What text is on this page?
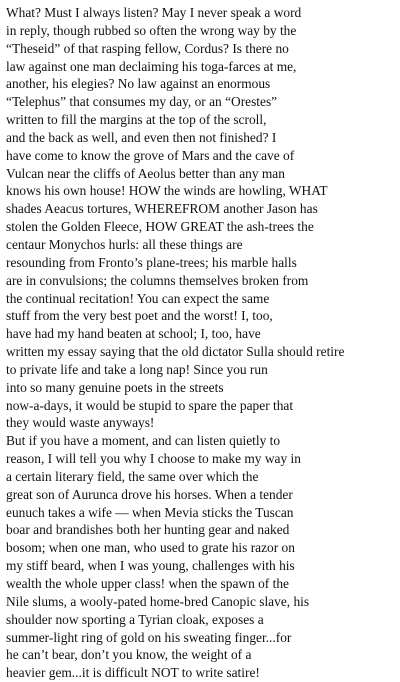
What? Must I always listen? May I never speak a word
in reply, though rubbed so often the wrong way by the
“Theseid” of that rasping fellow, Cordus? Is there no
law against one man declaiming his toga-farces at me,
another, his elegies? No law against an enormous
“Telephus” that consumes my day, or an “Orestes”
written to fill the margins at the top of the scroll,
and the back as well, and even then not finished? I
have come to know the grove of Mars and the cave of
Vulcan near the cliffs of Aeolus better than any man
knows his own house! HOW the winds are howling, WHAT
shades Aeacus tortures, WHEREFROM another Jason has
stolen the Golden Fleece, HOW GREAT the ash-trees the
centaur Monychos hurls: all these things are
resounding from Fronto’s plane-trees; his marble halls
are in convulsions; the columns themselves broken from
the continual recitation! You can expect the same
stuff from the very best poet and the worst! I, too,
have had my hand beaten at school; I, too, have
written my essay saying that the old dictator Sulla should retire
to private life and take a long nap! Since you run
into so many genuine poets in the streets
now-a-days, it would be stupid to spare the paper that
they would waste anyways!
But if you have a moment, and can listen quietly to
reason, I will tell you why I choose to make my way in
a certain literary field, the same over which the
great son of Aurunca drove his horses. When a tender
eunuch takes a wife — when Mevia sticks the Tuscan
boar and brandishes both her hunting gear and naked
bosom; when one man, who used to grate his razor on
my stiff beard, when I was young, challenges with his
wealth the whole upper class! when the spawn of the
Nile slums, a wooly-pated home-bred Canopic slave, his
shoulder now sporting a Tyrian cloak, exposes a
summer-light ring of gold on his sweating finger...for
he can’t bear, don’t you know, the weight of a
heavier gem...it is difficult NOT to write satire!
